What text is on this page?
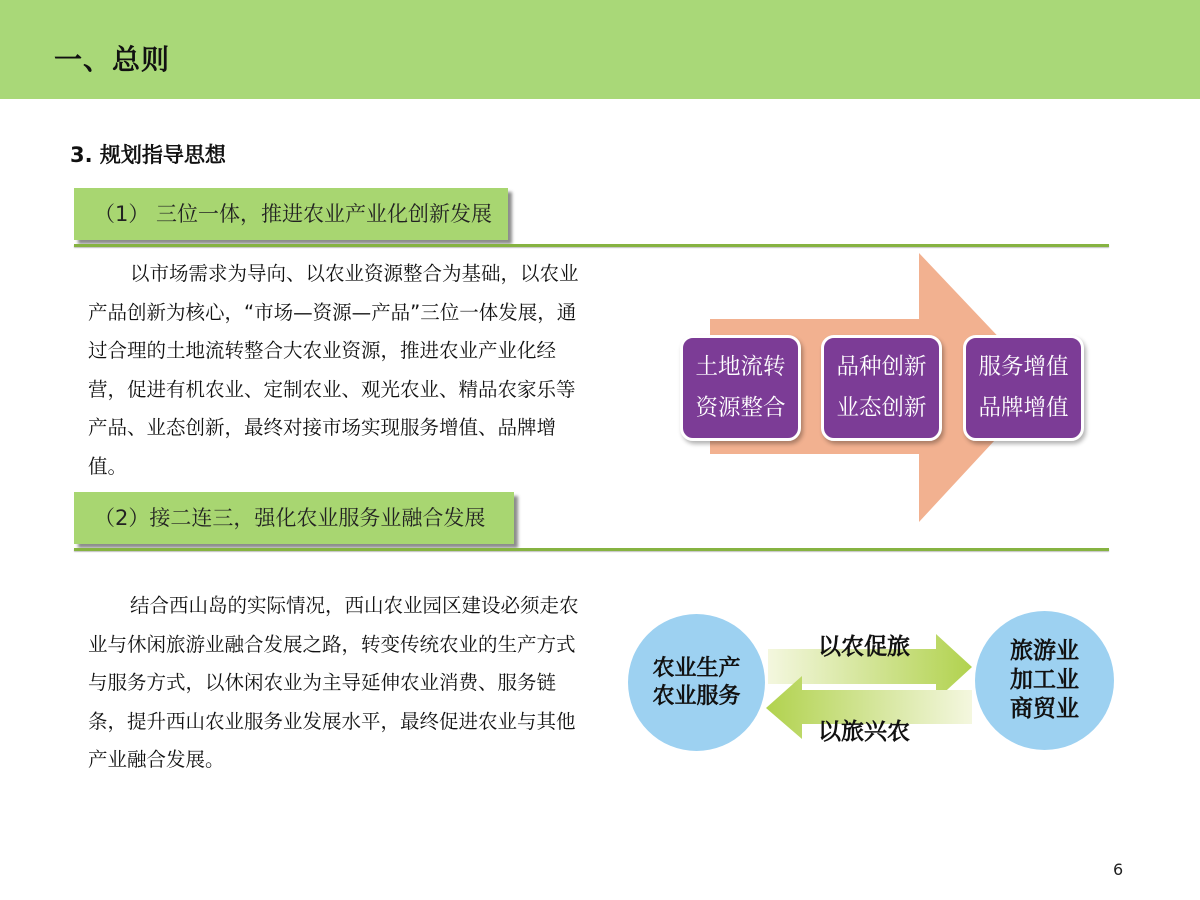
一、总则
3. 规划指导思想
（1） 三位一体，推进农业产业化创新发展

以市场需求为导向、以农业资源整合为基础，以农业产品创新为核心，“市场—资源—产品”三位一体发展，通过合理的土地流转整合大农业资源，推进农业产业化经营，促进有机农业、定制农业、观光农业、精品农家乐等产品、业态创新，最终对接市场实现服务增值、品牌增值。

土地流转
资源整合
品种创新
业态创新
服务增值
品牌增值
（2）接二连三，强化农业服务业融合发展

结合西山岛的实际情况，西山农业园区建设必须走农业与休闲旅游业融合发展之路，转变传统农业的生产方式与服务方式，以休闲农业为主导延伸农业消费、服务链条，提升西山农业服务业发展水平，最终促进农业与其他产业融合发展。

农业生产
农业服务
旅游业
加工业
商贸业
以农促旅
以旅兴农
6
